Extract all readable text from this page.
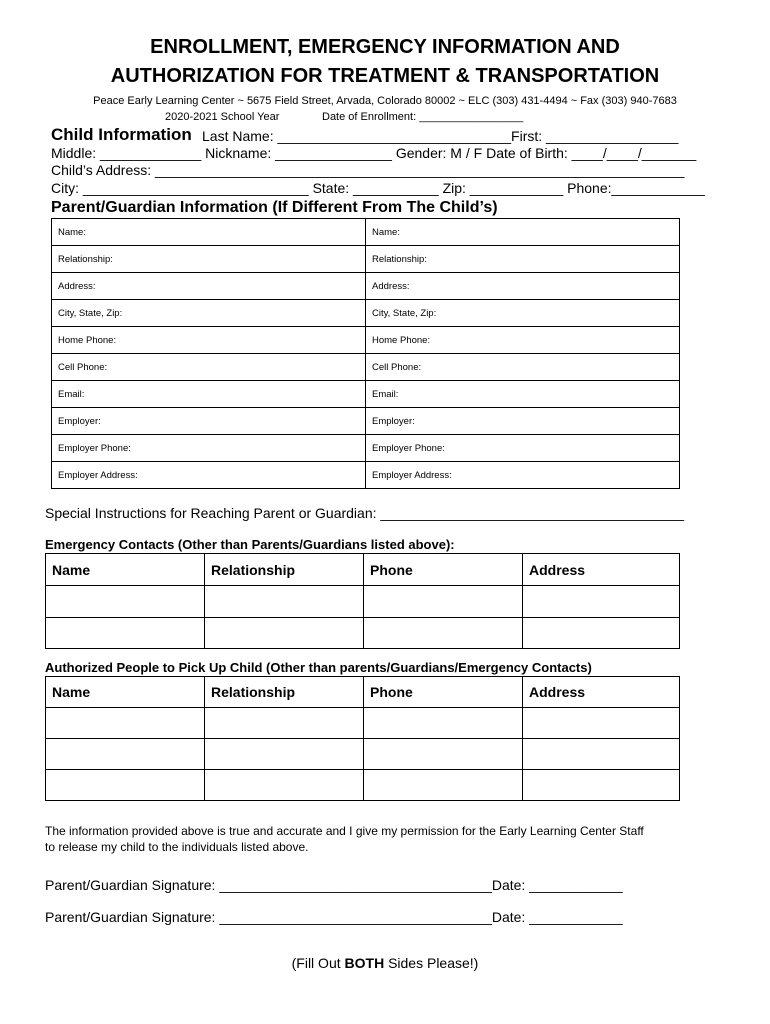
ENROLLMENT, EMERGENCY INFORMATION AND
AUTHORIZATION FOR TREATMENT & TRANSPORTATION
Peace Early Learning Center ~ 5675 Field Street, Arvada, Colorado 80002 ~ ELC (303) 431-4494 ~ Fax (303) 940-7683
2020-2021 School Year	Date of Enrollment: _________________
Child Information Last Name: ______________________________First: _________________
Middle: _____________ Nickname: _______________ Gender: M / F Date of Birth: ____/____/_______
Child’s Address: ____________________________________________________________________
City: _____________________________ State: ___________ Zip: ____________ Phone:____________
Parent/Guardian Information (If Different From The Child’s)
Name:	Name:
Relationship:	Relationship:
Address:	Address:
City, State, Zip:	City, State, Zip:
Home Phone:	Home Phone:
Cell Phone:	Cell Phone:
Email:	Email:
Employer:	Employer:
Employer Phone:	Employer Phone:
Employer Address:	Employer Address:
Special Instructions for Reaching Parent or Guardian: _______________________________________
Emergency Contacts (Other than Parents/Guardians listed above):
Name	Relationship	Phone	Address

Authorized People to Pick Up Child (Other than parents/Guardians/Emergency Contacts)
Name	Relationship	Phone	Address

The information provided above is true and accurate and I give my permission for the Early Learning Center Staff
to release my child to the individuals listed above.
Parent/Guardian Signature: ___________________________________Date: ____________
Parent/Guardian Signature: ___________________________________Date: ____________
(Fill Out BOTH Sides Please!)
